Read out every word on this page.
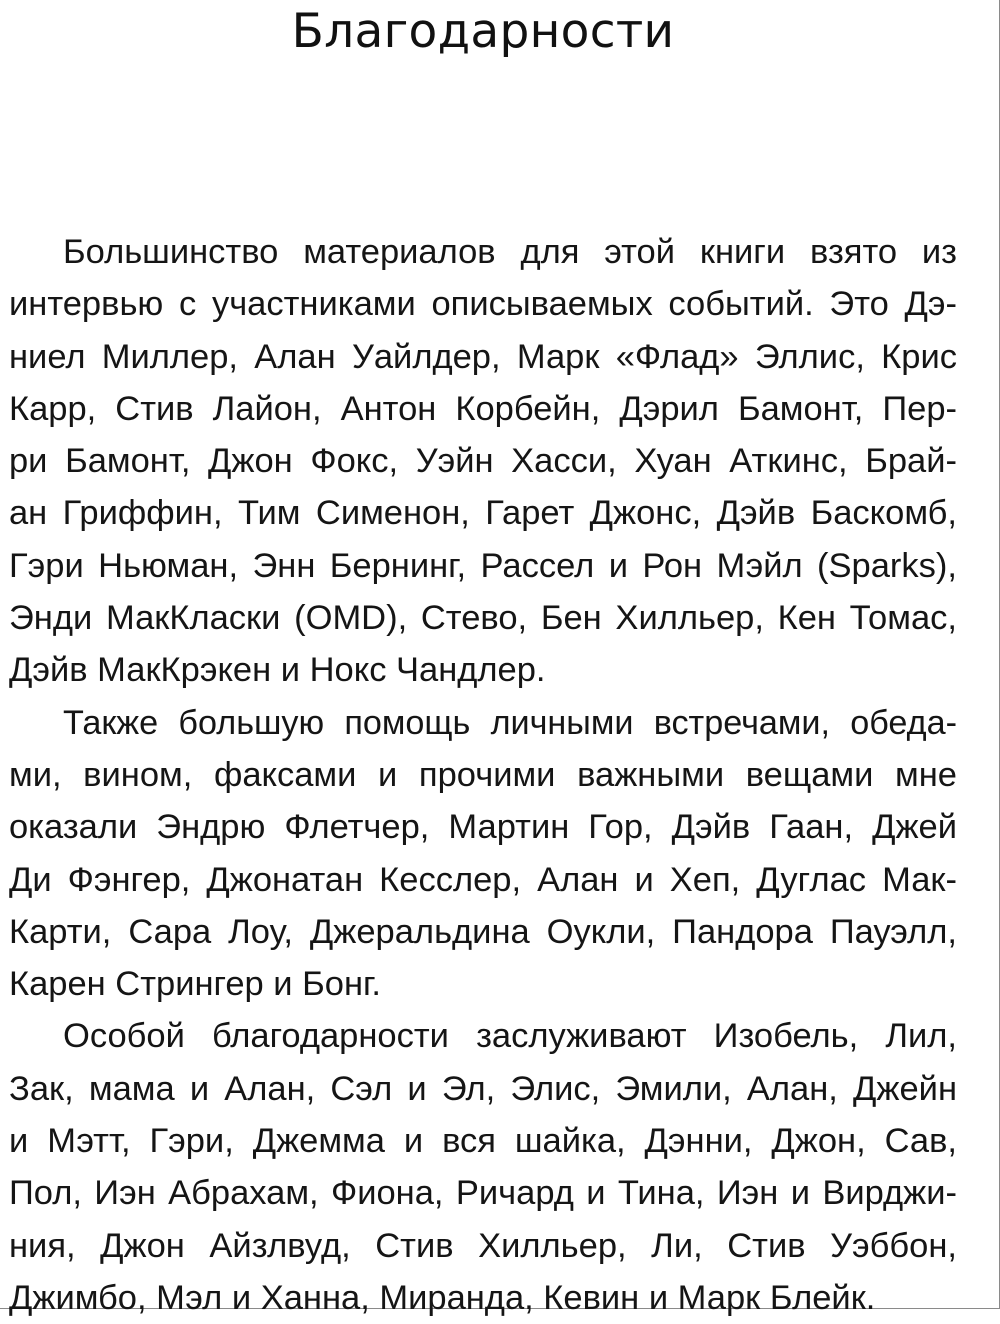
Благодарности

Большинство материалов для этой книги взято из
интервью с участниками описываемых событий. Это Дэ-
ниел Миллер, Алан Уайлдер, Марк «Флад» Эллис, Крис
Карр, Стив Лайон, Антон Корбейн, Дэрил Бамонт, Пер-
ри Бамонт, Джон Фокс, Уэйн Хасси, Хуан Аткинс, Брай-
ан Гриффин, Тим Сименон, Гарет Джонс, Дэйв Баскомб,
Гэри Ньюман, Энн Бернинг, Рассел и Рон Мэйл (Sparks),
Энди МакКласки (OMD), Стево, Бен Хилльер, Кен Томас,
Дэйв МакКрэкен и Нокс Чандлер.

Также большую помощь личными встречами, обеда-
ми, вином, факсами и прочими важными вещами мне
оказали Эндрю Флетчер, Мартин Гор, Дэйв Гаан, Джей
Ди Фэнгер, Джонатан Кесслер, Алан и Хеп, Дуглас Мак-
Карти, Сара Лоу, Джеральдина Оукли, Пандора Пауэлл,
Карен Стрингер и Бонг.

Особой благодарности заслуживают Изобель, Лил,
Зак, мама и Алан, Сэл и Эл, Элис, Эмили, Алан, Джейн
и Мэтт, Гэри, Джемма и вся шайка, Дэнни, Джон, Сав,
Пол, Иэн Абрахам, Фиона, Ричард и Тина, Иэн и Вирджи-
ния, Джон Айзлвуд, Стив Хилльер, Ли, Стив Уэббон,
Джимбо, Мэл и Ханна, Миранда, Кевин и Марк Блейк.
